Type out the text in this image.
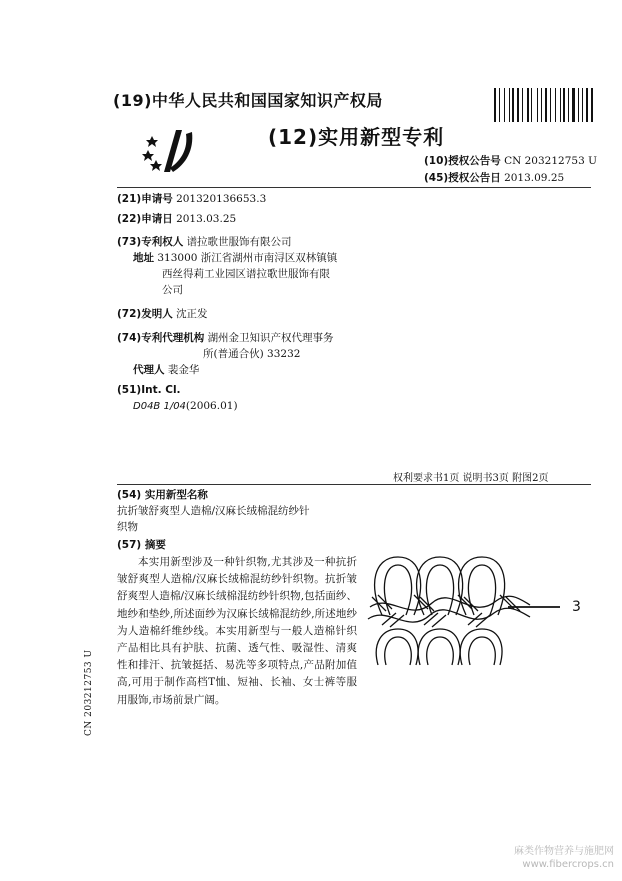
(19)中华人民共和国国家知识产权局
(12)实用新型专利
(10)授权公告号 CN 203212753 U
(45)授权公告日 2013.09.25
(21)申请号 201320136653.3
(22)申请日 2013.03.25
(73)专利权人 谱拉歌世服饰有限公司
地址 313000 浙江省湖州市南浔区双林镇镇
西丝得莉工业园区谱拉歌世服饰有限
公司
(72)发明人 沈正发
(74)专利代理机构 湖州金卫知识产权代理事务
所(普通合伙) 33232
代理人 裴金华
(51)Int. Cl.
D04B 1/04(2006.01)
权利要求书1页 说明书3页 附图2页
(54) 实用新型名称
抗折皱舒爽型人造棉/汉麻长绒棉混纺纱针
织物
(57) 摘要
本实用新型涉及一种针织物,尤其涉及一种抗折皱舒爽型人造棉/汉麻长绒棉混纺纱针织物。抗折皱舒爽型人造棉/汉麻长绒棉混纺纱针织物,包括面纱、地纱和垫纱,所述面纱为汉麻长绒棉混纺纱,所述地纱为人造棉纤维纱线。本实用新型与一般人造棉针织产品相比具有护肤、抗菌、透气性、吸湿性、清爽性和排汗、抗皱挺括、易洗等多项特点,产品附加值高,可用于制作高档T恤、短袖、长袖、女士裤等服用服饰,市场前景广阔。
3
CN 203212753 U
麻类作物营养与施肥网
www.fibercrops.cn
